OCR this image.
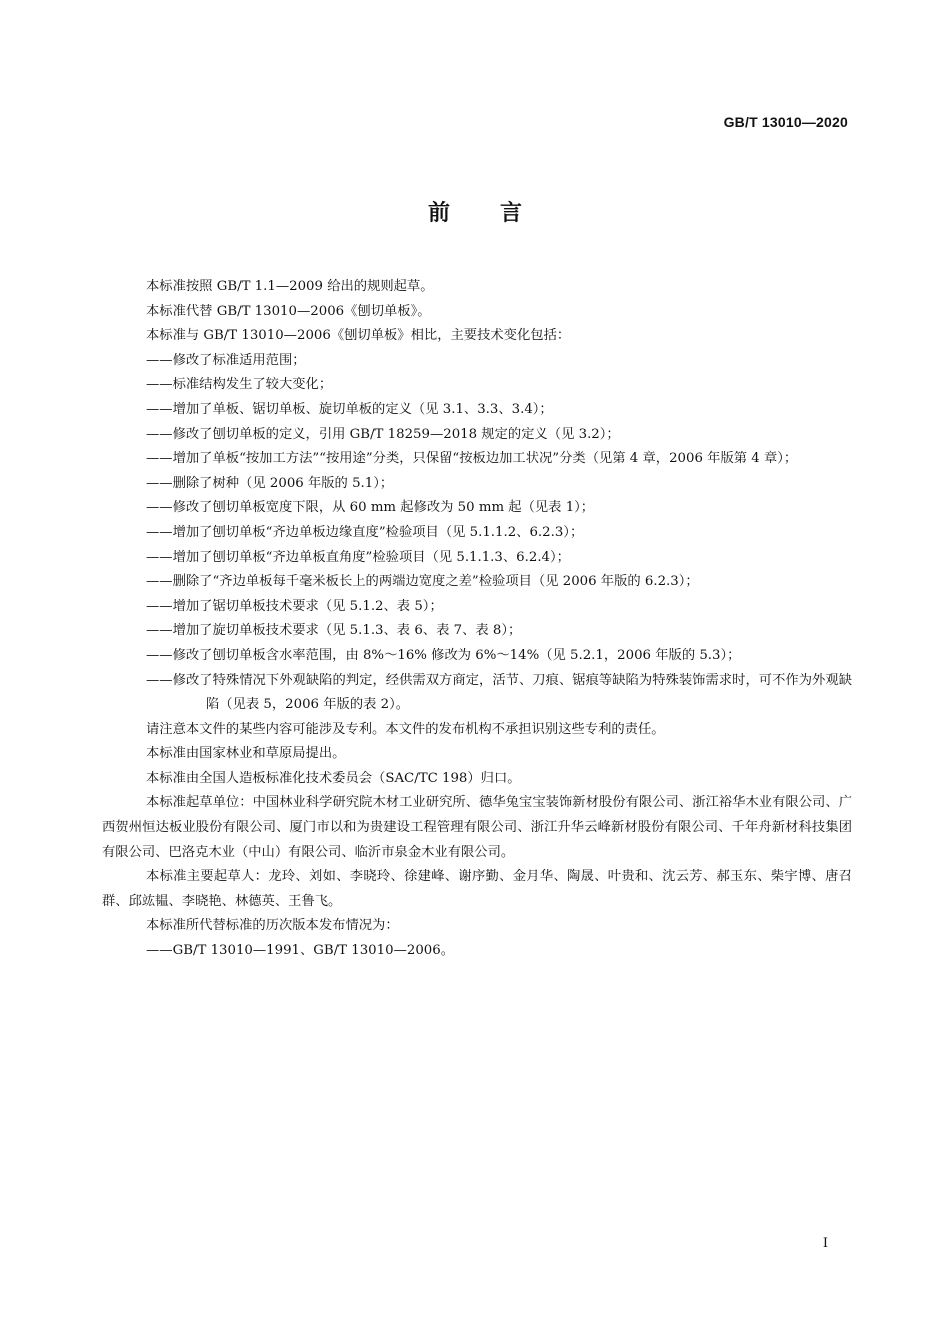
GB/T 13010—2020
前言

本标准按照 GB/T 1.1—2009 给出的规则起草。

本标准代替 GB/T 13010—2006《刨切单板》。

本标准与 GB/T 13010—2006《刨切单板》相比，主要技术变化包括：

——修改了标准适用范围；

——标准结构发生了较大变化；

——增加了单板、锯切单板、旋切单板的定义（见 3.1、3.3、3.4）；

——修改了刨切单板的定义，引用 GB/T 18259—2018 规定的定义（见 3.2）；

——增加了单板“按加工方法”“按用途”分类，只保留“按板边加工状况”分类（见第 4 章，2006 年版第 4 章）；

——删除了树种（见 2006 年版的 5.1）；

——修改了刨切单板宽度下限，从 60 mm 起修改为 50 mm 起（见表 1）；

——增加了刨切单板“齐边单板边缘直度”检验项目（见 5.1.1.2、6.2.3）；

——增加了刨切单板“齐边单板直角度”检验项目（见 5.1.1.3、6.2.4）；

——删除了“齐边单板每千毫米板长上的两端边宽度之差”检验项目（见 2006 年版的 6.2.3）；

——增加了锯切单板技术要求（见 5.1.2、表 5）；

——增加了旋切单板技术要求（见 5.1.3、表 6、表 7、表 8）；

——修改了刨切单板含水率范围，由 8%～16% 修改为 6%～14%（见 5.2.1，2006 年版的 5.3）；

——修改了特殊情况下外观缺陷的判定，经供需双方商定，活节、刀痕、锯痕等缺陷为特殊装饰需求时，可不作为外观缺陷（见表 5，2006 年版的表 2）。

请注意本文件的某些内容可能涉及专利。本文件的发布机构不承担识别这些专利的责任。

本标准由国家林业和草原局提出。

本标准由全国人造板标准化技术委员会（SAC/TC 198）归口。

本标准起草单位：中国林业科学研究院木材工业研究所、德华兔宝宝装饰新材股份有限公司、浙江裕华木业有限公司、广西贺州恒达板业股份有限公司、厦门市以和为贵建设工程管理有限公司、浙江升华云峰新材股份有限公司、千年舟新材科技集团有限公司、巴洛克木业（中山）有限公司、临沂市泉金木业有限公司。

本标准主要起草人：龙玲、刘如、李晓玲、徐建峰、谢序勤、金月华、陶晟、叶贵和、沈云芳、郝玉东、柴宇博、唐召群、邱竑韫、李晓艳、林德英、王鲁飞。

本标准所代替标准的历次版本发布情况为：

——GB/T 13010—1991、GB/T 13010—2006。

I
